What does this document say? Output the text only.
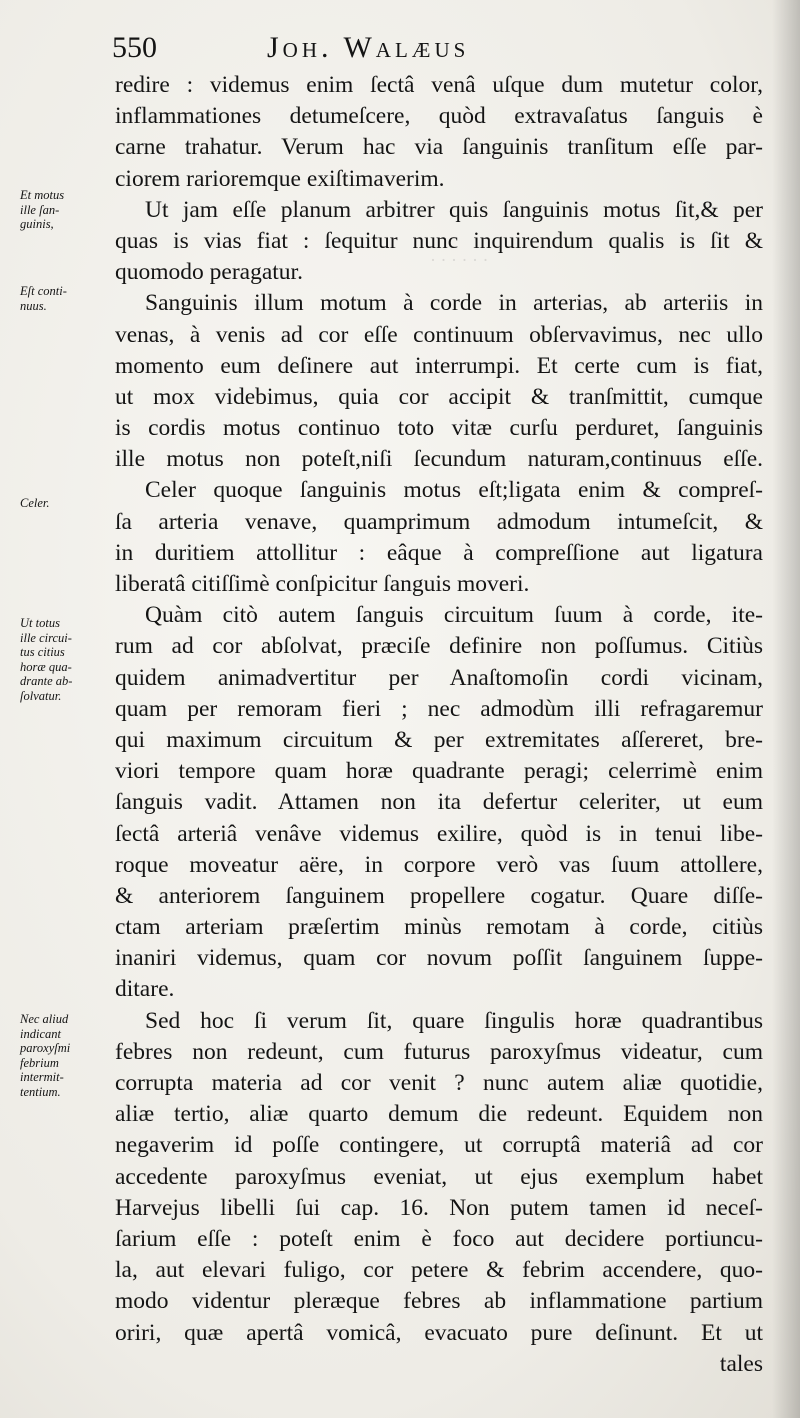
· · · · · ·
550	Joh. Walæus
Et motus
ille ſan-
guinis,
Eſt conti-
nuus.
Celer.
Ut totus
ille circui-
tus citius
horæ qua-
drante ab-
ſolvatur.
Nec aliud
indicant
paroxyſmi
febrium
intermit-
tentium.
redire : videmus enim ſectâ venâ uſque dum mutetur color,
inflammationes detumeſcere, quòd extravaſatus ſanguis è
carne trahatur. Verum hac via ſanguinis tranſitum eſſe par-
ciorem rarioremque exiſtimaverim.
Ut jam eſſe planum arbitrer quis ſanguinis motus ſit,& per
quas is vias fiat : ſequitur nunc inquirendum qualis is ſit &
quomodo peragatur.
Sanguinis illum motum à corde in arterias, ab arteriis in
venas, à venis ad cor eſſe continuum obſervavimus, nec ullo
momento eum deſinere aut interrumpi. Et certe cum is fiat,
ut mox videbimus, quia cor accipit & tranſmittit, cumque
is cordis motus continuo toto vitæ curſu perduret, ſanguinis
ille motus non poteſt,niſi ſecundum naturam,continuus eſſe.
Celer quoque ſanguinis motus eſt;ligata enim & compreſ-
ſa arteria venave, quamprimum admodum intumeſcit, &
in duritiem attollitur : eâque à compreſſione aut ligatura
liberatâ citiſſimè conſpicitur ſanguis moveri.
Quàm citò autem ſanguis circuitum ſuum à corde, ite-
rum ad cor abſolvat, præciſe definire non poſſumus. Citiùs
quidem animadvertitur per Anaſtomoſin cordi vicinam,
quam per remoram fieri ; nec admodùm illi refragaremur
qui maximum circuitum & per extremitates aſſereret, bre-
viori tempore quam horæ quadrante peragi; celerrimè enim
ſanguis vadit. Attamen non ita defertur celeriter, ut eum
ſectâ arteriâ venâve videmus exilire, quòd is in tenui libe-
roque moveatur aëre, in corpore verò vas ſuum attollere,
& anteriorem ſanguinem propellere cogatur. Quare diſſe-
ctam arteriam præſertim minùs remotam à corde, citiùs
inaniri videmus, quam cor novum poſſit ſanguinem ſuppe-
ditare.
Sed hoc ſi verum ſit, quare ſingulis horæ quadrantibus
febres non redeunt, cum futurus paroxyſmus videatur, cum
corrupta materia ad cor venit ? nunc autem aliæ quotidie,
aliæ tertio, aliæ quarto demum die redeunt. Equidem non
negaverim id poſſe contingere, ut corruptâ materiâ ad cor
accedente paroxyſmus eveniat, ut ejus exemplum habet
Harvejus libelli ſui cap. 16. Non putem tamen id neceſ-
ſarium eſſe : poteſt enim è foco aut decidere portiuncu-
la, aut elevari fuligo, cor petere & febrim accendere, quo-
modo videntur pleræque febres ab inflammatione partium
oriri, quæ apertâ vomicâ, evacuato pure deſinunt. Et ut
tales
